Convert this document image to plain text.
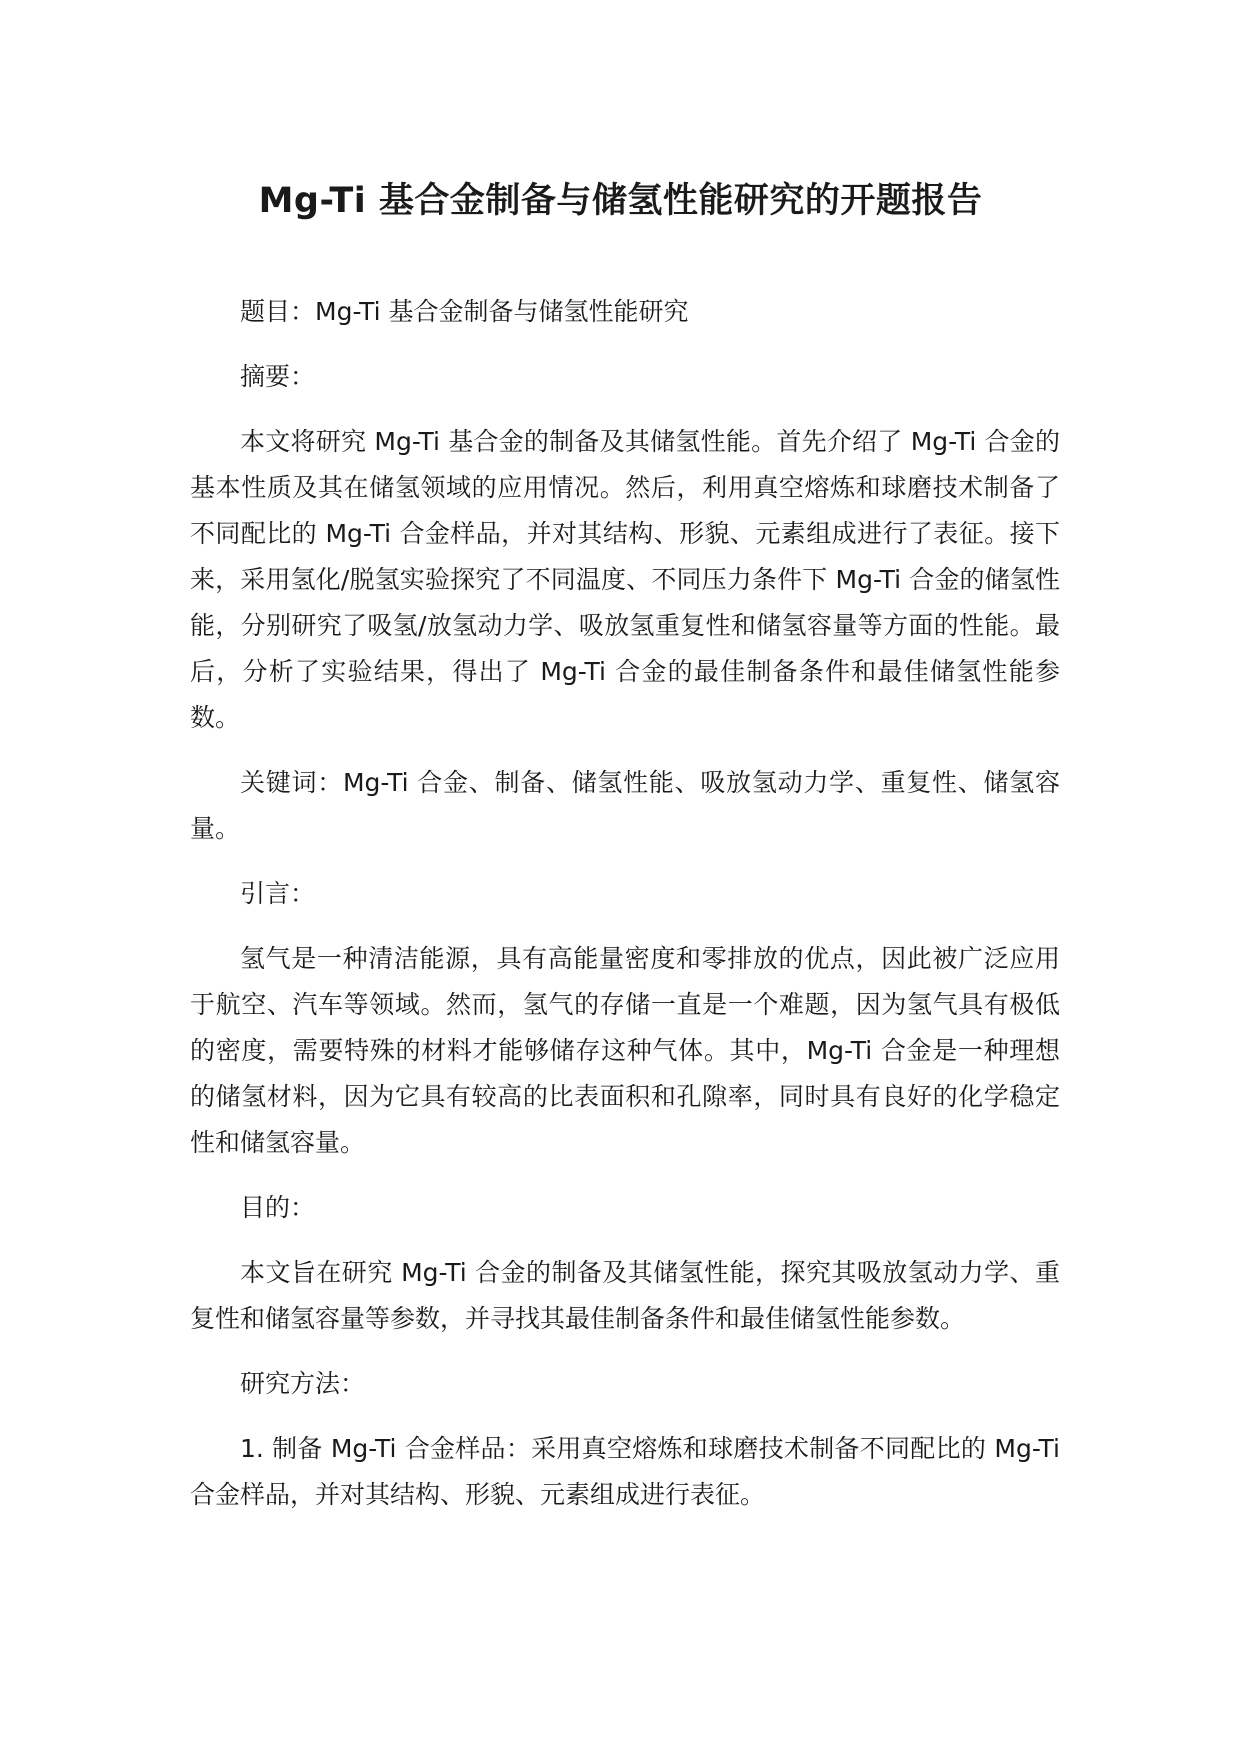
Mg-Ti 基合金制备与储氢性能研究的开题报告

题目：Mg-Ti 基合金制备与储氢性能研究

摘要：

本文将研究 Mg-Ti 基合金的制备及其储氢性能。首先介绍了 Mg-Ti 合金的基本性质及其在储氢领域的应用情况。然后，利用真空熔炼和球磨技术制备了不同配比的 Mg-Ti 合金样品，并对其结构、形貌、元素组成进行了表征。接下来，采用氢化/脱氢实验探究了不同温度、不同压力条件下 Mg-Ti 合金的储氢性能，分别研究了吸氢/放氢动力学、吸放氢重复性和储氢容量等方面的性能。最后，分析了实验结果，得出了 Mg-Ti 合金的最佳制备条件和最佳储氢性能参数。

关键词：Mg-Ti 合金、制备、储氢性能、吸放氢动力学、重复性、储氢容量。

引言：

氢气是一种清洁能源，具有高能量密度和零排放的优点，因此被广泛应用于航空、汽车等领域。然而，氢气的存储一直是一个难题，因为氢气具有极低的密度，需要特殊的材料才能够储存这种气体。其中，Mg-Ti 合金是一种理想的储氢材料，因为它具有较高的比表面积和孔隙率，同时具有良好的化学稳定性和储氢容量。

目的：

本文旨在研究 Mg-Ti 合金的制备及其储氢性能，探究其吸放氢动力学、重复性和储氢容量等参数，并寻找其最佳制备条件和最佳储氢性能参数。

研究方法：

1. 制备 Mg-Ti 合金样品：采用真空熔炼和球磨技术制备不同配比的 Mg-Ti 合金样品，并对其结构、形貌、元素组成进行表征。
